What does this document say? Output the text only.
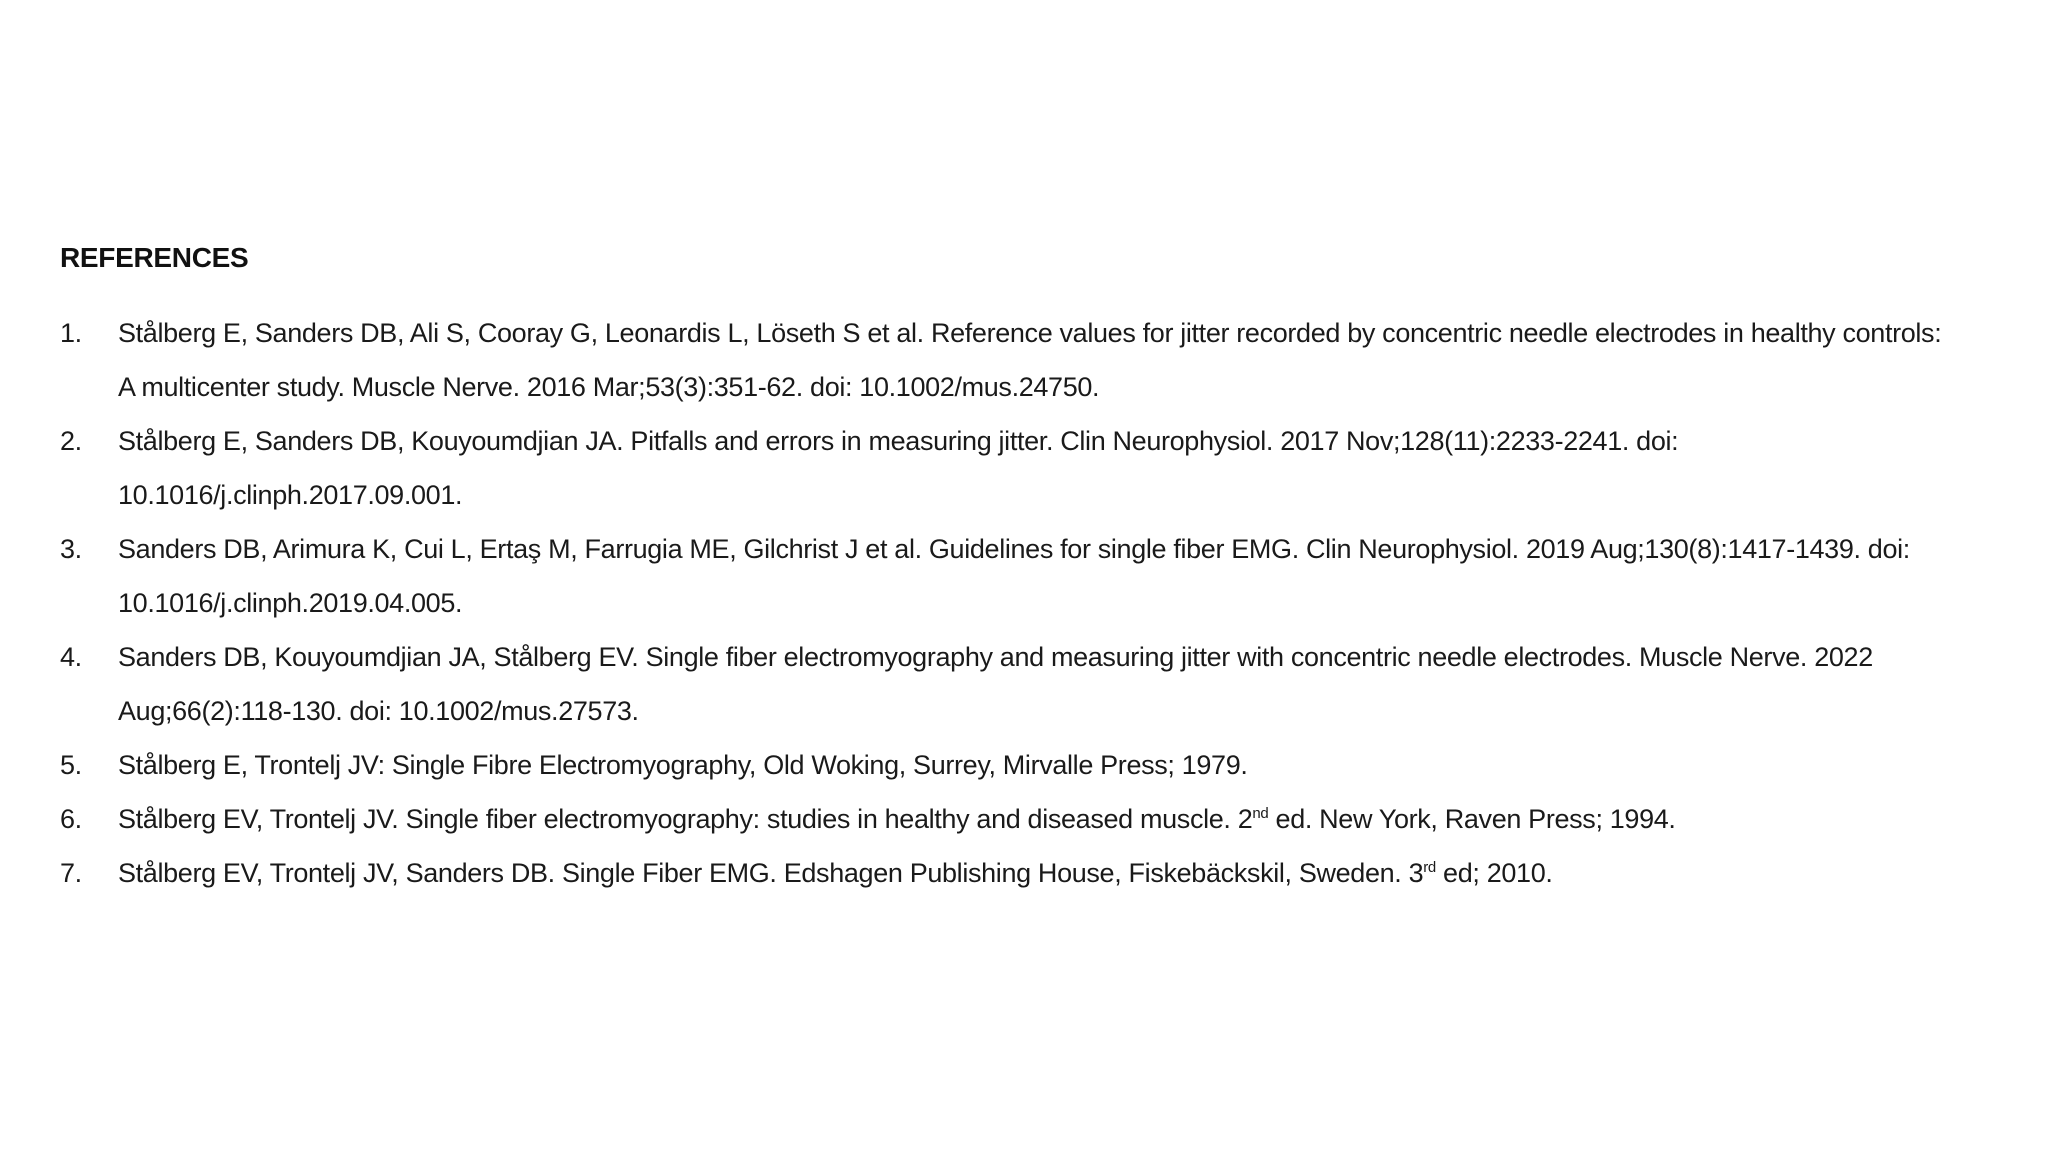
REFERENCES
1.	Stålberg E, Sanders DB, Ali S, Cooray G, Leonardis L, Löseth S et al. Reference values for jitter recorded by concentric needle electrodes in healthy controls: A multicenter study. Muscle Nerve. 2016 Mar;53(3):351-62. doi: 10.1002/mus.24750.
2.	Stålberg E, Sanders DB, Kouyoumdjian JA. Pitfalls and errors in measuring jitter. Clin Neurophysiol. 2017 Nov;128(11):2233-2241. doi: 10.1016/j.clinph.2017.09.001.
3.	Sanders DB, Arimura K, Cui L, Ertaş M, Farrugia ME, Gilchrist J et al. Guidelines for single fiber EMG. Clin Neurophysiol. 2019 Aug;130(8):1417-1439. doi: 10.1016/j.clinph.2019.04.005.
4.	Sanders DB, Kouyoumdjian JA, Stålberg EV. Single fiber electromyography and measuring jitter with concentric needle electrodes. Muscle Nerve. 2022 Aug;66(2):118-130. doi: 10.1002/mus.27573.
5.	Stålberg E, Trontelj JV: Single Fibre Electromyography, Old Woking, Surrey, Mirvalle Press; 1979.
6.	Stålberg EV, Trontelj JV. Single fiber electromyography: studies in healthy and diseased muscle. 2nd ed. New York, Raven Press; 1994.
7.	Stålberg EV, Trontelj JV, Sanders DB. Single Fiber EMG. Edshagen Publishing House, Fiskebäckskil, Sweden. 3rd ed; 2010.
